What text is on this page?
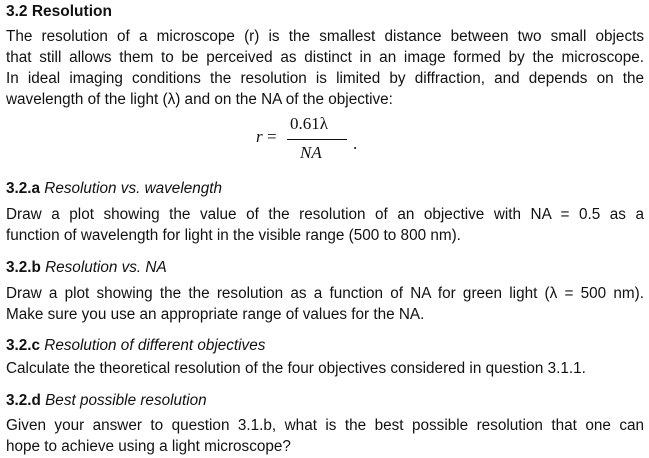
3.2 Resolution
The resolution of a microscope (r) is the smallest distance between two small objects
that still allows them to be perceived as distinct in an image formed by the microscope.
In ideal imaging conditions the resolution is limited by diffraction, and depends on the
wavelength of the light (λ) and on the NA of the objective:
r =
0.61λ
NA .
3.2.a Resolution vs. wavelength
Draw a plot showing the value of the resolution of an objective with NA = 0.5 as a
function of wavelength for light in the visible range (500 to 800 nm).
3.2.b Resolution vs. NA
Draw a plot showing the the resolution as a function of NA for green light (λ = 500 nm).
Make sure you use an appropriate range of values for the NA.
3.2.c Resolution of different objectives
Calculate the theoretical resolution of the four objectives considered in question 3.1.1.
3.2.d Best possible resolution
Given your answer to question 3.1.b, what is the best possible resolution that one can
hope to achieve using a light microscope?
